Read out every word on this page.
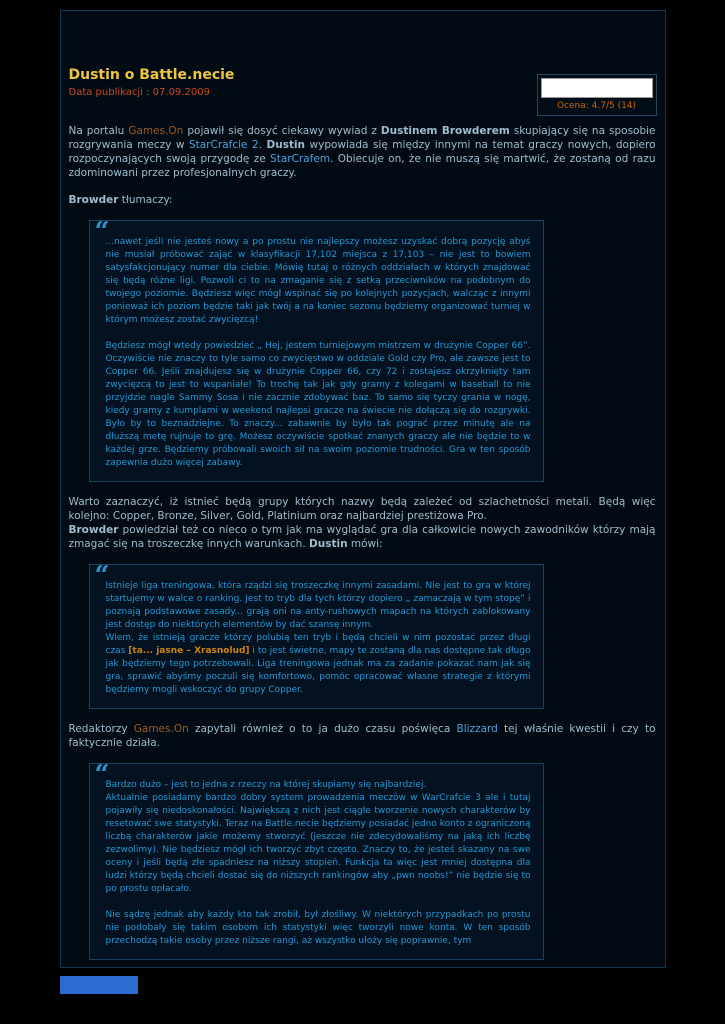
Dustin o Battle.necie
Data publikacji : 07.09.2009
Ocena: 4.7/5 (14)

Na portalu Games.On pojawił się dosyć ciekawy wywiad z Dustinem Browderem skupiający się na sposobie rozgrywania meczy w StarCrafcie 2. Dustin wypowiada się między innymi na temat graczy nowych, dopiero rozpoczynających swoją przygodę ze StarCrafem. Obiecuje on, że nie muszą się martwić, że zostaną od razu zdominowani przez profesjonalnych graczy.

Browder tłumaczy:

“
...nawet jeśli nie jesteś nowy a po prostu nie najlepszy możesz uzyskać dobrą pozycję abyś nie musiał próbować zająć w klasyfikacji 17,102 miejsca z 17,103 – nie jest to bowiem satysfakcjonujący numer dla ciebie. Mówię tutaj o różnych oddziałach w których znajdować się będą różne ligi. Pozwoli ci to na zmaganie się z setką przeciwników na podobnym do twojego poziomie. Będziesz więc mógł wspinać się po kolejnych pozycjach, walcząc z innymi ponieważ ich poziom będzie taki jak twój a na koniec sezonu będziemy organizować turniej w którym możesz zostać zwycięzcą!
Będziesz mógł wtedy powiedzieć „ Hej, jestem turniejowym mistrzem w drużynie Copper 66”. Oczywiście nie znaczy to tyle samo co zwycięstwo w oddziale Gold czy Pro, ale zawsze jest to Copper 66. Jeśli znajdujesz się w drużynie Copper 66, czy 72 i zostajesz okrzyknięty tam zwycięzcą to jest to wspaniałe! To trochę tak jak gdy gramy z kolegami w baseball to nie przyjdzie nagle Sammy Sosa i nie zacznie zdobywać baz. To samo się tyczy grania w nogę, kiedy gramy z kumplami w weekend najlepsi gracze na świecie nie dołączą się do rozgrywki. Było by to beznadziejne. To znaczy... zabawnie by było tak pograć przez minutę ale na dłuższą metę rujnuje to grę. Możesz oczywiście spotkać znanych graczy ale nie będzie to w każdej grze. Będziemy próbowali swoich sił na swoim poziomie trudności. Gra w ten sposób zapewnia dużo więcej zabawy.

Warto zaznaczyć, iż istnieć będą grupy których nazwy będą zależeć od szlachetności metali. Będą więc kolejno: Copper, Bronze, Silver, Gold, Platinium oraz najbardziej prestiżowa Pro.

Browder powiedział też co nieco o tym jak ma wyglądać gra dla całkowicie nowych zawodników którzy mają zmagać się na troszeczkę innych warunkach. Dustin mówi:

“
Istnieje liga treningowa, która rządzi się troszeczkę innymi zasadami. Nie jest to gra w której startujemy w walce o ranking. Jest to tryb dla tych którzy dopiero „ zamaczają w tym stopę” i poznają podstawowe zasady... grają oni na anty-rushowych mapach na których zablokowany jest dostęp do niektórych elementów by dać szansę innym.
Wiem, że istnieją gracze którzy polubią ten tryb i będą chcieli w nim pozostać przez długi czas [ta... jasne – Xrasnolud] i to jest świetne, mapy te zostaną dla nas dostępne tak długo jak będziemy tego potrzebowali. Liga treningowa jednak ma za zadanie pokazać nam jak się gra, sprawić abyśmy poczuli się komfortowo, pomóc opracować własne strategie z którymi będziemy mogli wskoczyć do grupy Copper.

Redaktorzy Games.On zapytali również o to ja dużo czasu poświęca Blizzard tej właśnie kwestii i czy to faktycznie działa.

“
Bardzo dużo – jest to jedna z rzeczy na której skupiamy się najbardziej.
Aktualnie posiadamy bardzo dobry system prowadzenia meczów w WarCrafcie 3 ale i tutaj pojawiły się niedoskonałości. Największą z nich jest ciągłe tworzenie nowych charakterów by resetować swe statystyki. Teraz na Battle.necie będziemy posiadać jedno konto z ograniczoną liczbą charakterów jakie możemy stworzyć (jeszcze nie zdecydowaliśmy na jaką ich liczbę zezwolimy). Nie będziesz mógł ich tworzyć zbyt często. Znaczy to, że jesteś skazany na swe oceny i jeśli będą złe spadniesz na niższy stopień. Funkcja ta więc jest mniej dostępna dla ludzi którzy będą chcieli dostać się do niższych rankingów aby „pwn noobs!” nie będzie się to po prostu opłacało.
Nie sądzę jednak aby każdy kto tak zrobił, był złośliwy. W niektórych przypadkach po prostu nie podobały się takim osobom ich statystyki więc tworzyli nowe konta. W ten sposób przechodzą takie osoby przez niższe rangi, aż wszystko ułoży się poprawnie, tym
